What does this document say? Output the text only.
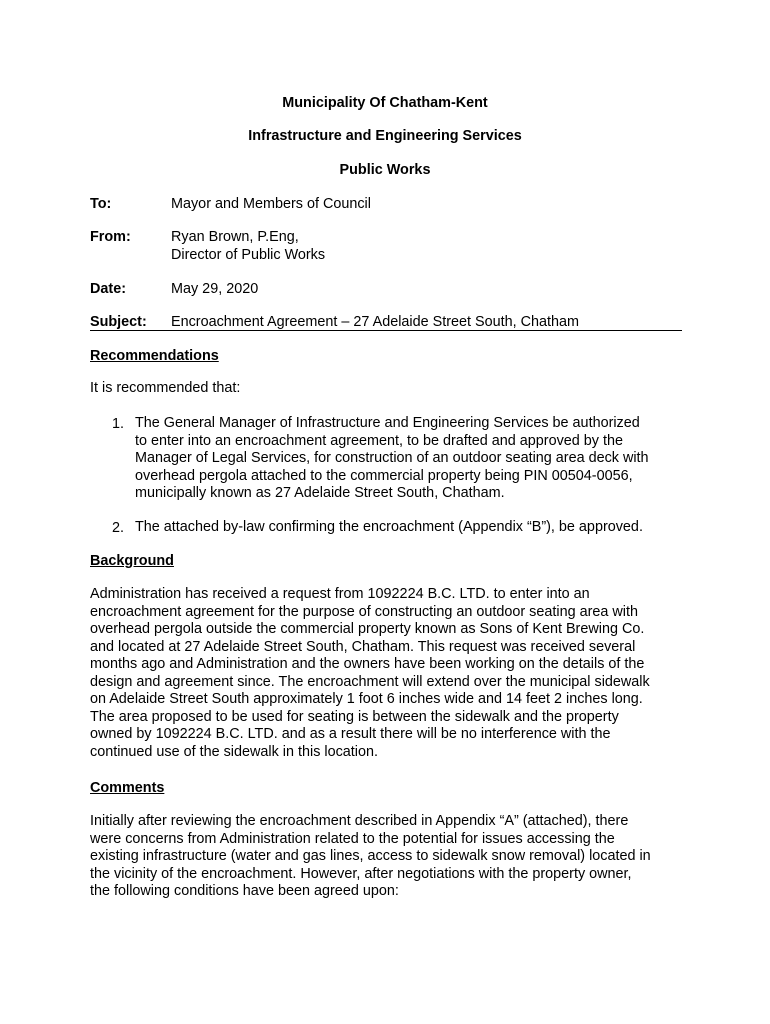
Municipality Of Chatham-Kent
Infrastructure and Engineering Services
Public Works
To:	Mayor and Members of Council
From:	Ryan Brown, P.Eng,
Director of Public Works
Date:	May 29, 2020
Subject: Encroachment Agreement – 27 Adelaide Street South, Chatham
Recommendations
It is recommended that:
1. The General Manager of Infrastructure and Engineering Services be authorized
to enter into an encroachment agreement, to be drafted and approved by the
Manager of Legal Services, for construction of an outdoor seating area deck with
overhead pergola attached to the commercial property being PIN 00504-0056,
municipally known as 27 Adelaide Street South, Chatham.
2. The attached by-law confirming the encroachment (Appendix “B”), be approved.
Background
Administration has received a request from 1092224 B.C. LTD. to enter into an
encroachment agreement for the purpose of constructing an outdoor seating area with
overhead pergola outside the commercial property known as Sons of Kent Brewing Co.
and located at 27 Adelaide Street South, Chatham. This request was received several
months ago and Administration and the owners have been working on the details of the
design and agreement since. The encroachment will extend over the municipal sidewalk
on Adelaide Street South approximately 1 foot 6 inches wide and 14 feet 2 inches long.
The area proposed to be used for seating is between the sidewalk and the property
owned by 1092224 B.C. LTD. and as a result there will be no interference with the
continued use of the sidewalk in this location.
Comments
Initially after reviewing the encroachment described in Appendix “A” (attached), there
were concerns from Administration related to the potential for issues accessing the
existing infrastructure (water and gas lines, access to sidewalk snow removal) located in
the vicinity of the encroachment. However, after negotiations with the property owner,
the following conditions have been agreed upon:
